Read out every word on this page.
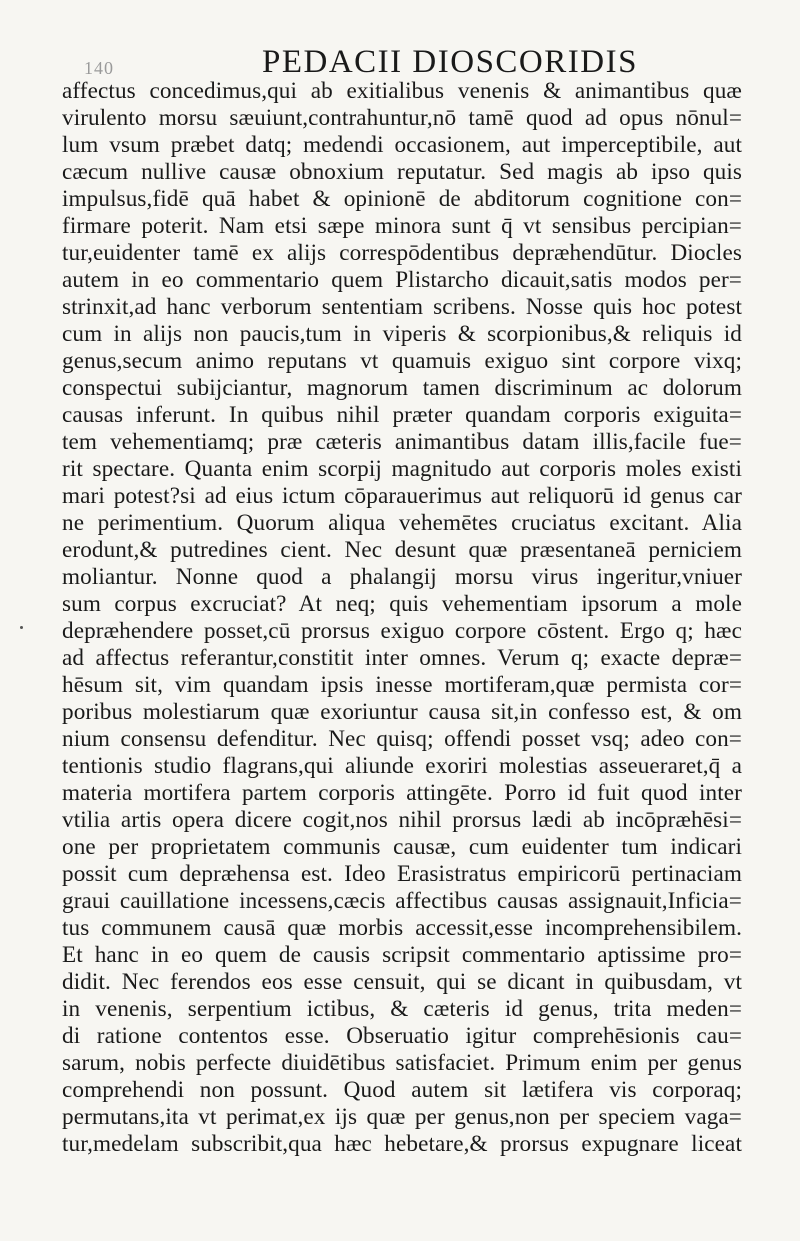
140	PEDACII DIOSCORIDIS
affectus concedimus,qui ab exitialibus venenis & animantibus quæ
virulento morsu sæuiunt,contrahuntur,nō tamē quod ad opus nōnul=
lum vsum præbet datq; medendi occasionem, aut imperceptibile, aut
cæcum nullive causæ obnoxium reputatur. Sed magis ab ipso quis
impulsus,fidē quā habet & opinionē de abditorum cognitione con=
firmare poterit. Nam etsi sæpe minora sunt q̄ vt sensibus percipian=
tur,euidenter tamē ex alijs correspōdentibus depræhendūtur. Diocles
autem in eo commentario quem Plistarcho dicauit,satis modos per=
strinxit,ad hanc verborum sententiam scribens. Nosse quis hoc potest
cum in alijs non paucis,tum in viperis & scorpionibus,& reliquis id
genus,secum animo reputans vt quamuis exiguo sint corpore vixq;
conspectui subijciantur, magnorum tamen discriminum ac dolorum
causas inferunt. In quibus nihil præter quandam corporis exiguita=
tem vehementiamq; præ cæteris animantibus datam illis,facile fue=
rit spectare. Quanta enim scorpij magnitudo aut corporis moles existi
mari potest?si ad eius ictum cōparauerimus aut reliquorū id genus car
ne perimentium. Quorum aliqua vehemētes cruciatus excitant. Alia
erodunt,& putredines cient. Nec desunt quæ præsentaneā perniciem
moliantur. Nonne quod a phalangij morsu virus ingeritur,vniuer
sum corpus excruciat? At neq; quis vehementiam ipsorum a mole
depræhendere posset,cū prorsus exiguo corpore cōstent. Ergo q; hæc
ad affectus referantur,constitit inter omnes. Verum q; exacte depræ=
hēsum sit, vim quandam ipsis inesse mortiferam,quæ permista cor=
poribus molestiarum quæ exoriuntur causa sit,in confesso est, & om
nium consensu defenditur. Nec quisq; offendi posset vsq; adeo con=
tentionis studio flagrans,qui aliunde exoriri molestias asseueraret,q̄ a
materia mortifera partem corporis attingēte. Porro id fuit quod inter
vtilia artis opera dicere cogit,nos nihil prorsus lædi ab incōpræhēsi=
one per proprietatem communis causæ, cum euidenter tum indicari
possit cum depræhensa est. Ideo Erasistratus empiricorū pertinaciam
graui cauillatione incessens,cæcis affectibus causas assignauit,Inficia=
tus communem causā quæ morbis accessit,esse incomprehensibilem.
Et hanc in eo quem de causis scripsit commentario aptissime pro=
didit. Nec ferendos eos esse censuit, qui se dicant in quibusdam, vt
in venenis, serpentium ictibus, & cæteris id genus, trita meden=
di ratione contentos esse. Obseruatio igitur comprehēsionis cau=
sarum, nobis perfecte diuidētibus satisfaciet. Primum enim per genus
comprehendi non possunt. Quod autem sit lætifera vis corporaq;
permutans,ita vt perimat,ex ijs quæ per genus,non per speciem vaga=
tur,medelam subscribit,qua hæc hebetare,& prorsus expugnare liceat
